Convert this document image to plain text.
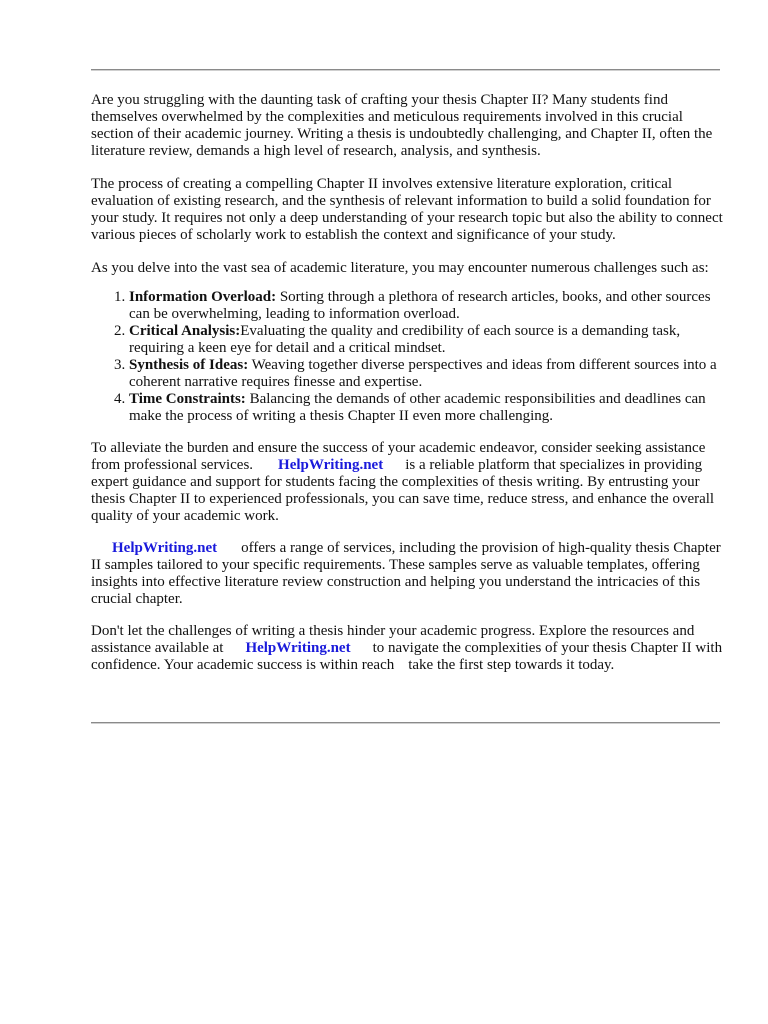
Are you struggling with the daunting task of crafting your thesis Chapter II? Many students find themselves overwhelmed by the complexities and meticulous requirements involved in this crucial section of their academic journey. Writing a thesis is undoubtedly challenging, and Chapter II, often the literature review, demands a high level of research, analysis, and synthesis.

The process of creating a compelling Chapter II involves extensive literature exploration, critical evaluation of existing research, and the synthesis of relevant information to build a solid foundation for your study. It requires not only a deep understanding of your research topic but also the ability to connect various pieces of scholarly work to establish the context and significance of your study.

As you delve into the vast sea of academic literature, you may encounter numerous challenges such as:

1. Information Overload: Sorting through a plethora of research articles, books, and other sources can be overwhelming, leading to information overload.
2. Critical Analysis:Evaluating the quality and credibility of each source is a demanding task, requiring a keen eye for detail and a critical mindset.
3. Synthesis of Ideas: Weaving together diverse perspectives and ideas from different sources into a coherent narrative requires finesse and expertise.
4. Time Constraints: Balancing the demands of other academic responsibilities and deadlines can make the process of writing a thesis Chapter II even more challenging.

To alleviate the burden and ensure the success of your academic endeavor, consider seeking assistance from professional services. HelpWriting.net is a reliable platform that specializes in providing expert guidance and support for students facing the complexities of thesis writing. By entrusting your thesis Chapter II to experienced professionals, you can save time, reduce stress, and enhance the overall quality of your academic work.

HelpWriting.net offers a range of services, including the provision of high-quality thesis Chapter II samples tailored to your specific requirements. These samples serve as valuable templates, offering insights into effective literature review construction and helping you understand the intricacies of this crucial chapter.

Don't let the challenges of writing a thesis hinder your academic progress. Explore the resources and assistance available at HelpWriting.net to navigate the complexities of your thesis Chapter II with confidence. Your academic success is within reach take the first step towards it today.
